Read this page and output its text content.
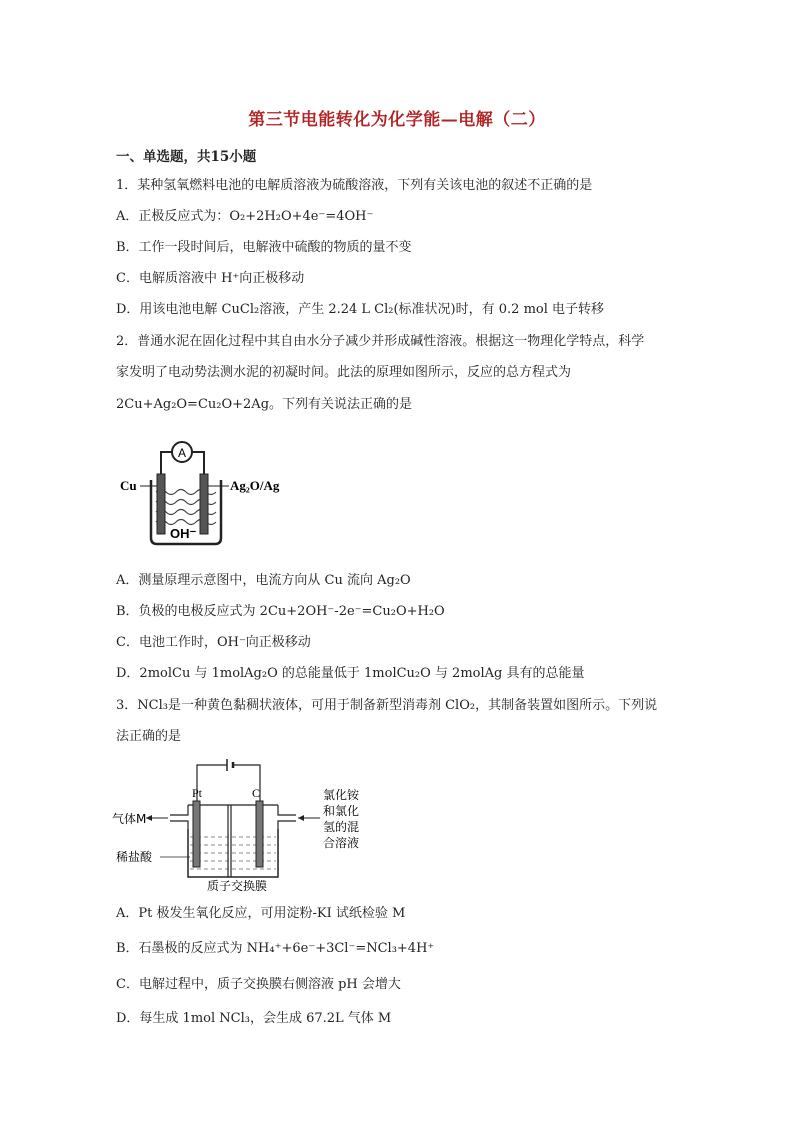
第三节电能转化为化学能—电解（二）
一、单选题，共15小题
1．某种氢氧燃料电池的电解质溶液为硫酸溶液，下列有关该电池的叙述不正确的是
A．正极反应式为：O₂+2H₂O+4e⁻=4OH⁻
B．工作一段时间后，电解液中硫酸的物质的量不变
C．电解质溶液中 H⁺向正极移动
D．用该电池电解 CuCl₂溶液，产生 2.24 L Cl₂(标准状况)时，有 0.2 mol 电子转移
2．普通水泥在固化过程中其自由水分子减少并形成碱性溶液。根据这一物理化学特点，科学
家发明了电动势法测水泥的初凝时间。此法的原理如图所示，反应的总方程式为
2Cu+Ag₂O=Cu₂O+2Ag。下列有关说法正确的是
A
OH⁻
Cu	Ag₂O/Ag
A．测量原理示意图中，电流方向从 Cu 流向 Ag₂O
B．负极的电极反应式为 2Cu+2OH⁻-2e⁻=Cu₂O+H₂O
C．电池工作时，OH⁻向正极移动
D．2molCu 与 1molAg₂O 的总能量低于 1molCu₂O 与 2molAg 具有的总能量
3．NCl₃是一种黄色黏稠状液体，可用于制备新型消毒剂 ClO₂，其制备装置如图所示。下列说
法正确的是
Pt	C
气体M
稀盐酸
质子交换膜
氯化铵
和氯化
氢的混
合溶液
A．Pt 极发生氧化反应，可用淀粉-KI 试纸检验 M
B．石墨极的反应式为 NH₄⁺+6e⁻+3Cl⁻=NCl₃+4H⁺
C．电解过程中，质子交换膜右侧溶液 pH 会增大
D．每生成 1mol NCl₃，会生成 67.2L 气体 M
